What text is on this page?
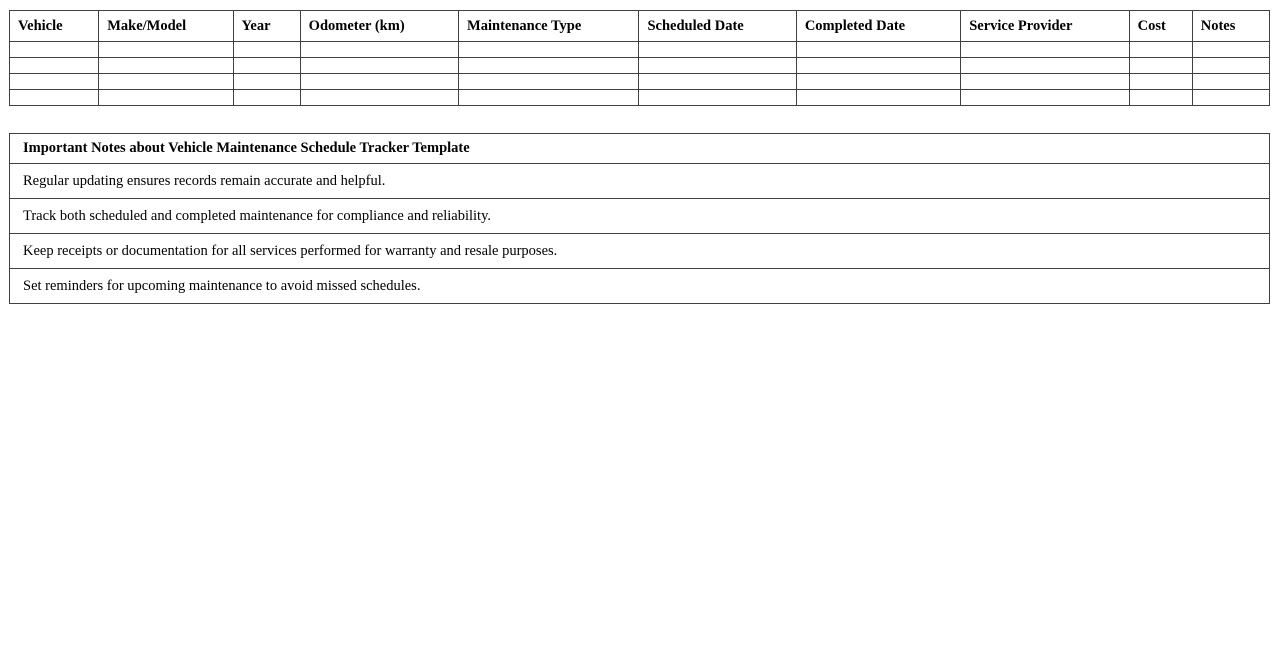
Vehicle	Make/Model	Year	Odometer (km)	Maintenance Type	Scheduled Date	Completed Date	Service Provider	Cost	Notes

Important Notes about Vehicle Maintenance Schedule Tracker Template
Regular updating ensures records remain accurate and helpful.
Track both scheduled and completed maintenance for compliance and reliability.
Keep receipts or documentation for all services performed for warranty and resale purposes.
Set reminders for upcoming maintenance to avoid missed schedules.
